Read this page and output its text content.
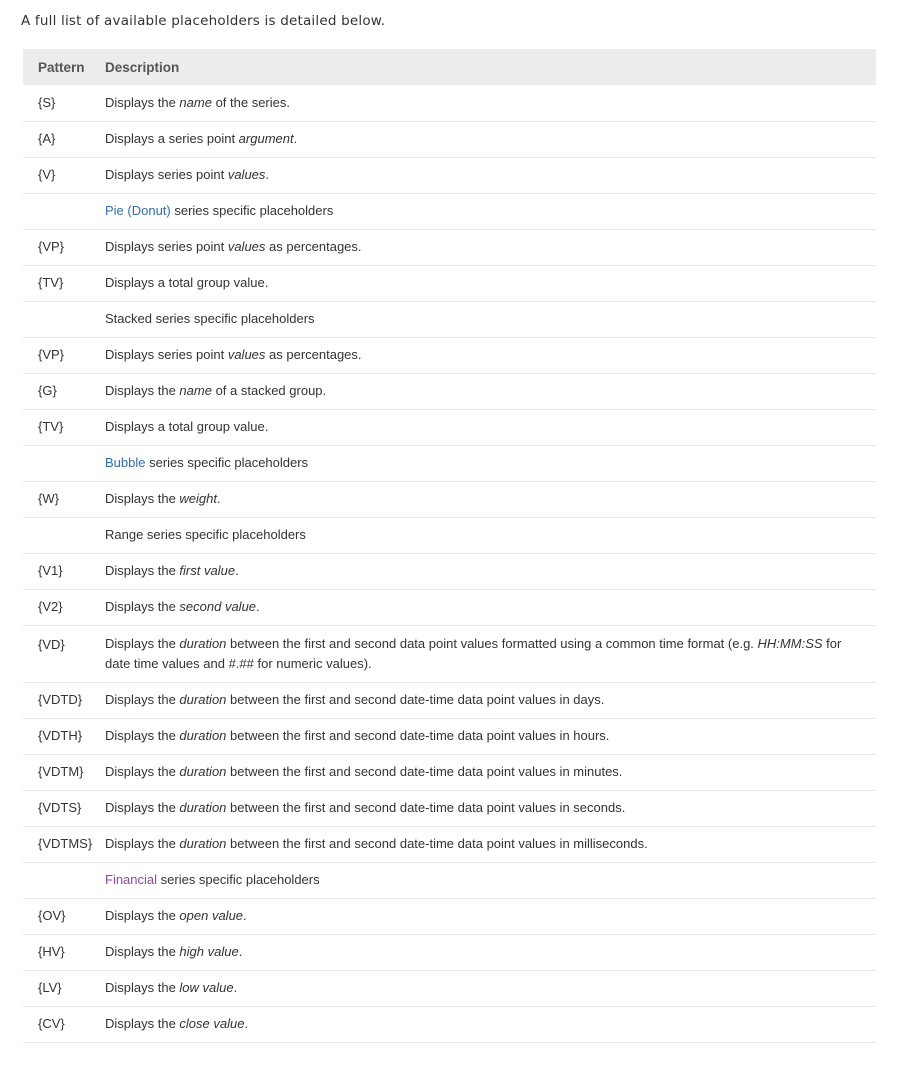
A full list of available placeholders is detailed below.
Pattern	Description
{S}	Displays the name of the series.
{A}	Displays a series point argument.
{V}	Displays series point values.
	Pie (Donut) series specific placeholders
{VP}	Displays series point values as percentages.
{TV}	Displays a total group value.
	Stacked series specific placeholders
{VP}	Displays series point values as percentages.
{G}	Displays the name of a stacked group.
{TV}	Displays a total group value.
	Bubble series specific placeholders
{W}	Displays the weight.
	Range series specific placeholders
{V1}	Displays the first value.
{V2}	Displays the second value.
{VD}	Displays the duration between the first and second data point values formatted using a common time format (e.g. HH:MM:SS for date time values and #.## for numeric values).
{VDTD}	Displays the duration between the first and second date-time data point values in days.
{VDTH}	Displays the duration between the first and second date-time data point values in hours.
{VDTM}	Displays the duration between the first and second date-time data point values in minutes.
{VDTS}	Displays the duration between the first and second date-time data point values in seconds.
{VDTMS}	Displays the duration between the first and second date-time data point values in milliseconds.
	Financial series specific placeholders
{OV}	Displays the open value.
{HV}	Displays the high value.
{LV}	Displays the low value.
{CV}	Displays the close value.
